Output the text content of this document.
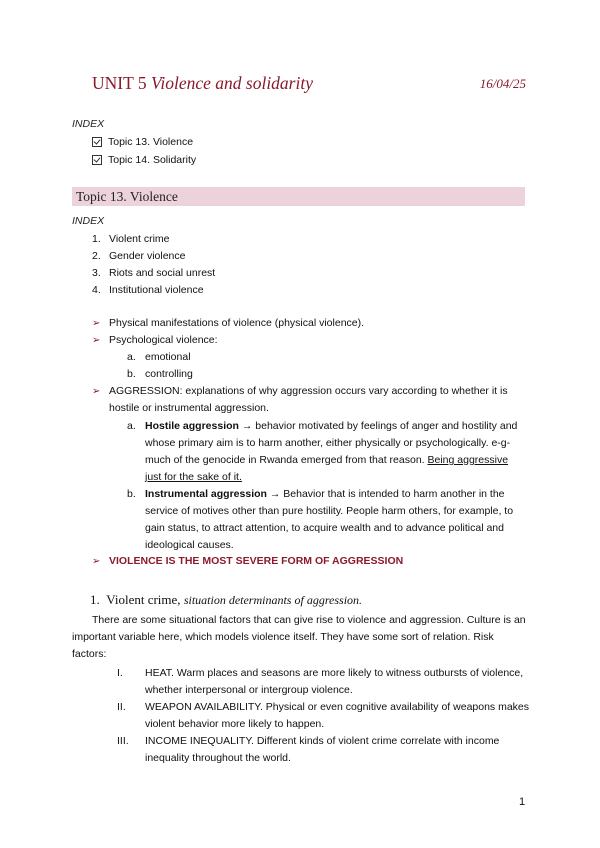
UNIT 5 Violence and solidarity	16/04/25
INDEX
Topic 13. Violence
Topic 14. Solidarity
Topic 13. Violence
INDEX
1. Violent crime
2. Gender violence
3. Riots and social unrest
4. Institutional violence
➢ Physical manifestations of violence (physical violence).
➢ Psychological violence:
a. emotional
b. controlling
➢ AGGRESSION: explanations of why aggression occurs vary according to whether it is hostile or instrumental aggression.
a. Hostile aggression → behavior motivated by feelings of anger and hostility and whose primary aim is to harm another, either physically or psychologically. e-g- much of the genocide in Rwanda emerged from that reason. Being aggressive just for the sake of it.
b. Instrumental aggression → Behavior that is intended to harm another in the service of motives other than pure hostility. People harm others, for example, to gain status, to attract attention, to acquire wealth and to advance political and ideological causes.
➢ VIOLENCE IS THE MOST SEVERE FORM OF AGGRESSION
1. Violent crime, situation determinants of aggression.
There are some situational factors that can give rise to violence and aggression. Culture is an important variable here, which models violence itself. They have some sort of relation. Risk factors:
I.	HEAT. Warm places and seasons are more likely to witness outbursts of violence, whether interpersonal or intergroup violence.
II.	WEAPON AVAILABILITY. Physical or even cognitive availability of weapons makes violent behavior more likely to happen.
III.	INCOME INEQUALITY. Different kinds of violent crime correlate with income inequality throughout the world.
1
